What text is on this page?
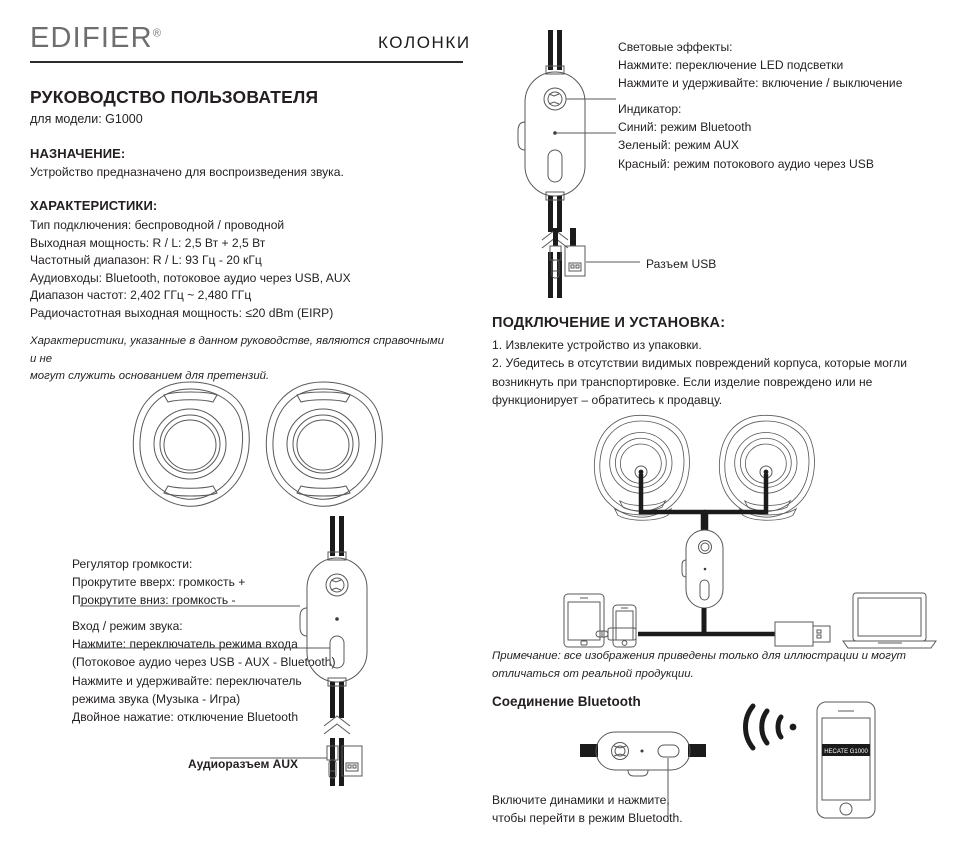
EDIFIER®	КОЛОНКИ
РУКОВОДСТВО ПОЛЬЗОВАТЕЛЯ
для модели: G1000
НАЗНАЧЕНИЕ:
Устройство предназначено для воспроизведения звука.
ХАРАКТЕРИСТИКИ:
Тип подключения: беспроводной / проводной
Выходная мощность: R / L: 2,5 Вт + 2,5 Вт
Частотный диапазон: R / L: 93 Гц - 20 кГц
Аудиовходы: Bluetooth, потоковое аудио через USB, AUX
Диапазон частот: 2,402 ГГц ~ 2,480 ГГц
Радиочастотная выходная мощность: ≤20 dBm (EIRP)
Характеристики, указанные в данном руководстве, являются справочными и не
могут служить основанием для претензий.
Регулятор громкости:
Прокрутите вверх: громкость +
Прокрутите вниз: громкость -
Вход / режим звука:
Нажмите: переключатель режима входа
(Потоковое аудио через USB - AUX - Bluetooth)
Нажмите и удерживайте: переключатель
режима звука (Музыка - Игра)
Двойное нажатие: отключение Bluetooth
Аудиоразъем AUX
Световые эффекты:
Нажмите: переключение LED подсветки
Нажмите и удерживайте: включение / выключение
Индикатор:
Синий: режим Bluetooth
Зеленый: режим AUX
Красный: режим потокового аудио через USB
Разъем USB
ПОДКЛЮЧЕНИЕ И УСТАНОВКА:
1. Извлеките устройство из упаковки.
2. Убедитесь в отсутствии видимых повреждений корпуса, которые могли
возникнуть при транспортировке. Если изделие повреждено или не
функционирует – обратитесь к продавцу.
Примечание: все изображения приведены только для иллюстрации и могут
отличаться от реальной продукции.
Соединение Bluetooth
Включите динамики и нажмите,
чтобы перейти в режим Bluetooth.
HECATE G1000
